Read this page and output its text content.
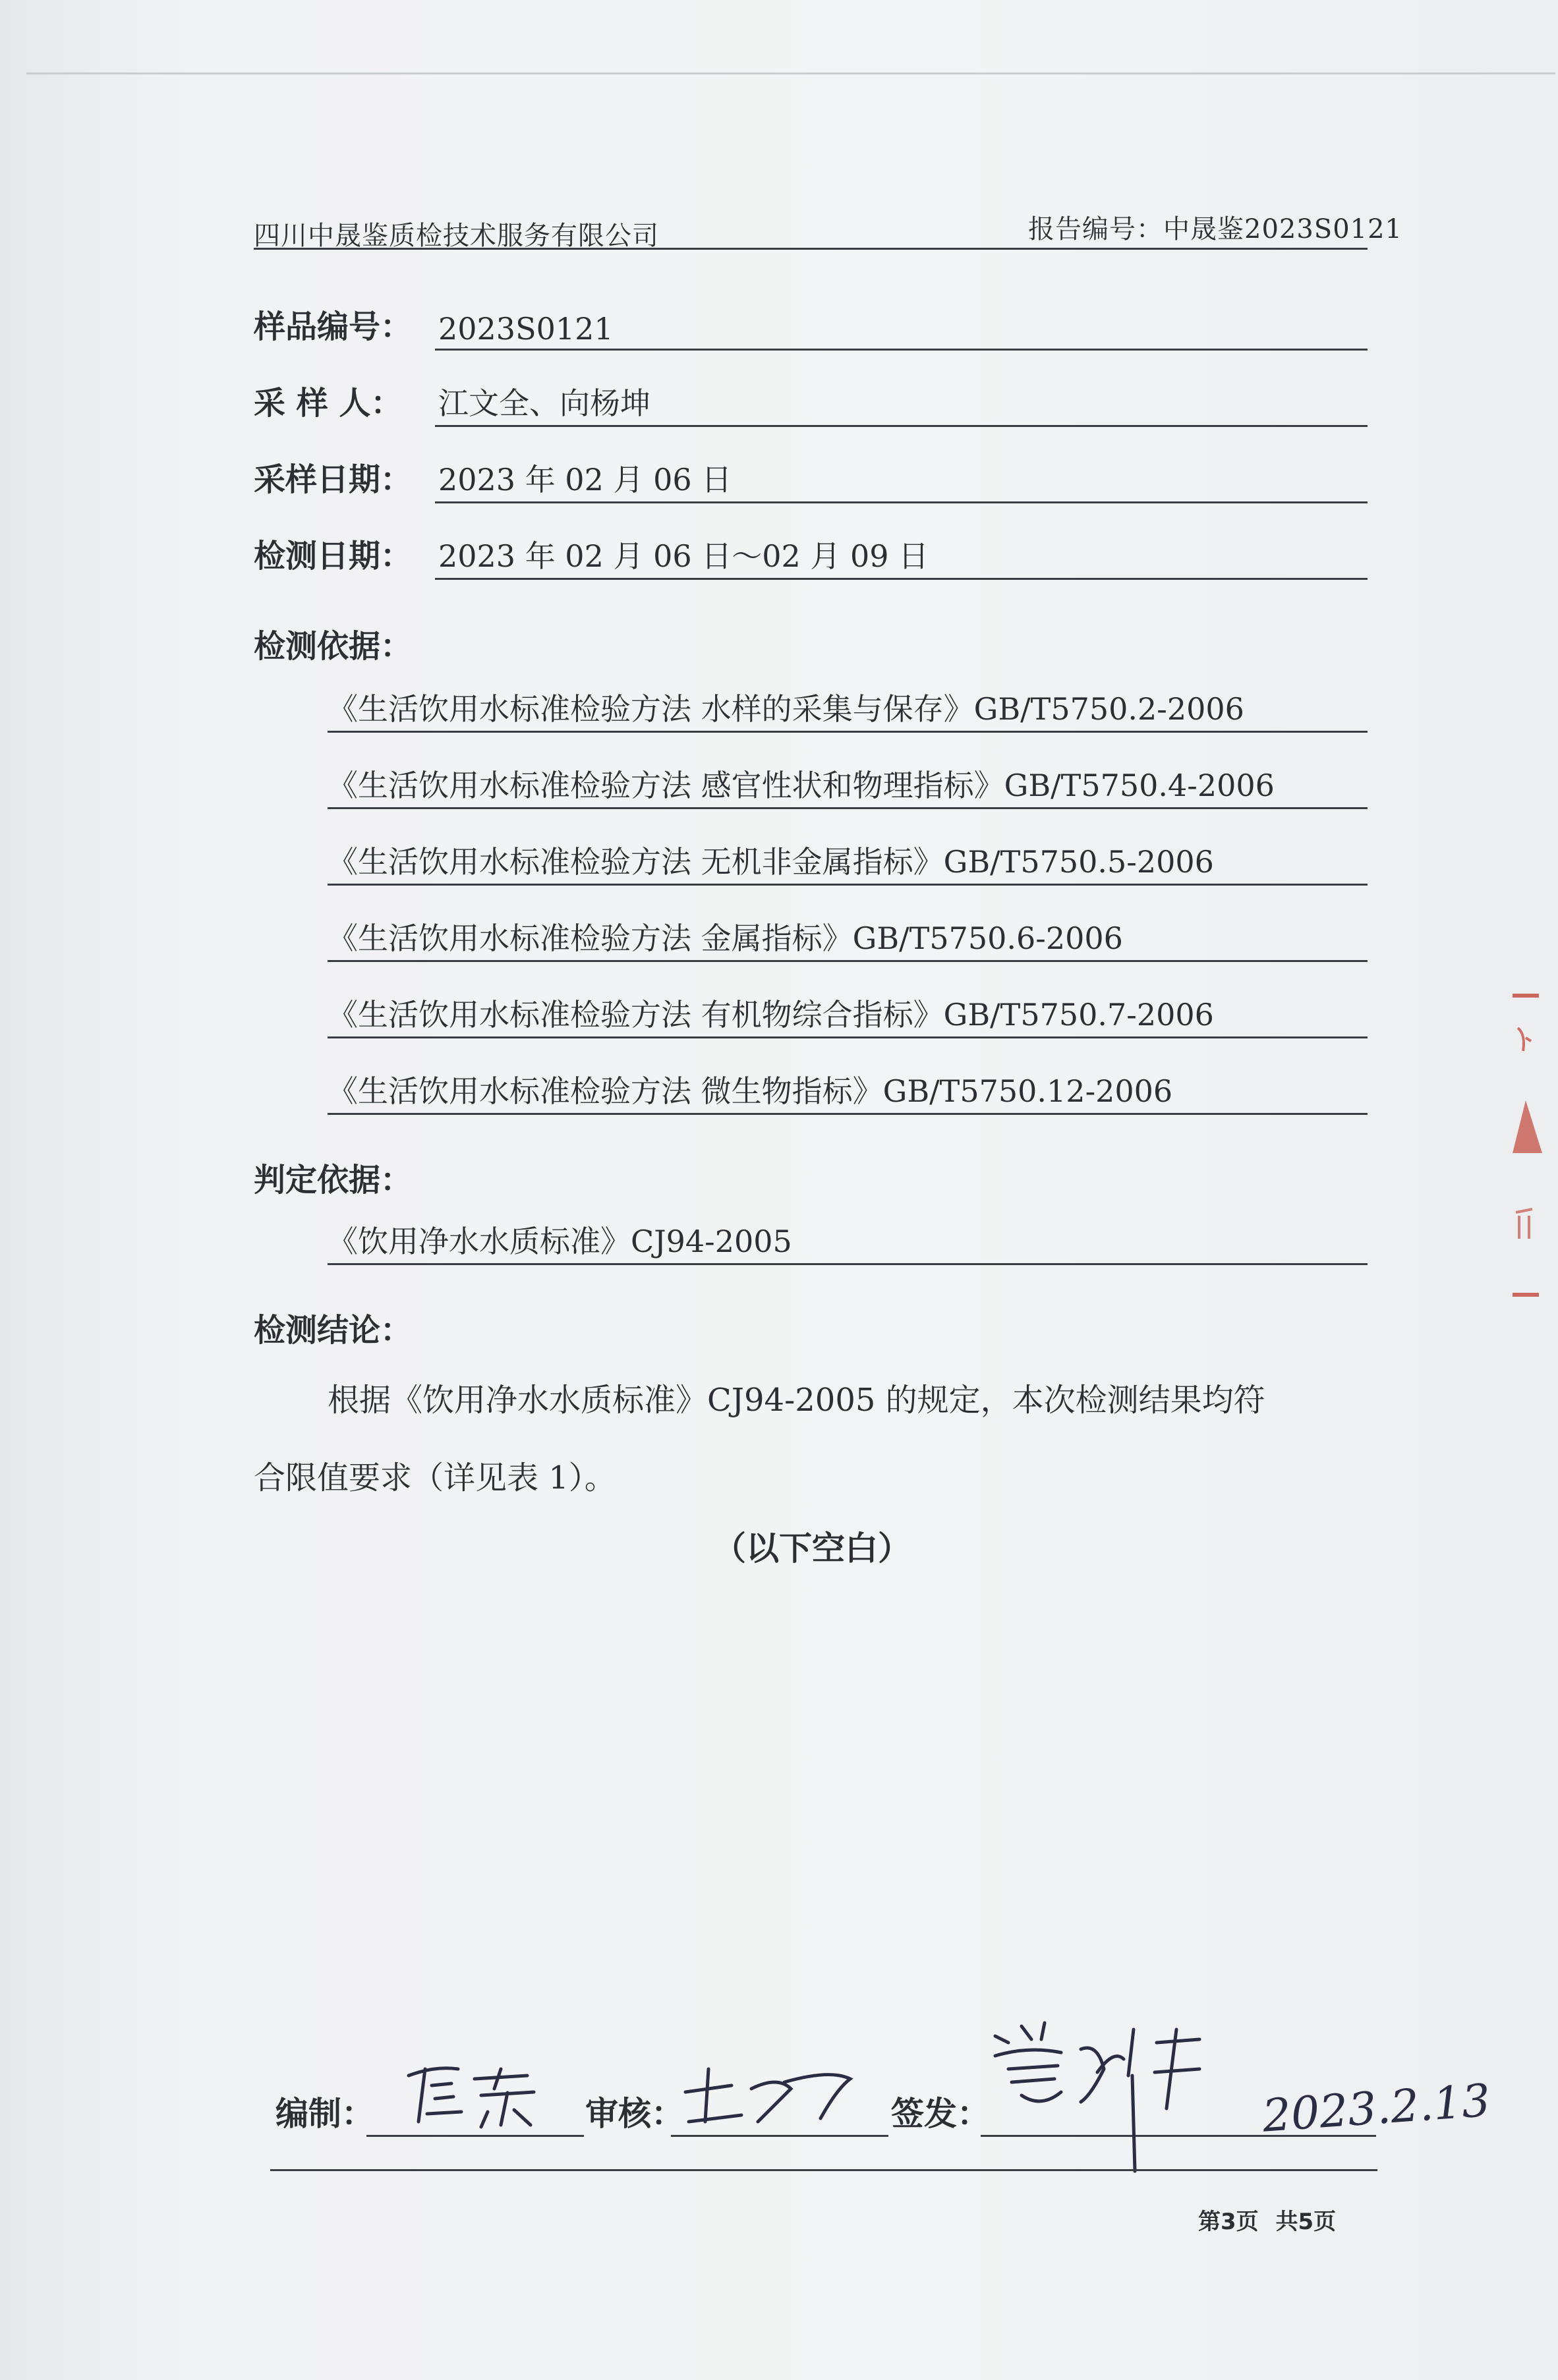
四川中晟鉴质检技术服务有限公司	报告编号：中晟鉴2023S0121
样品编号： 2023S0121
采 样 人： 江文全、向杨坤
采样日期： 2023 年 02 月 06 日
检测日期： 2023 年 02 月 06 日～02 月 09 日
检测依据：
《生活饮用水标准检验方法 水样的采集与保存》GB/T5750.2-2006
《生活饮用水标准检验方法 感官性状和物理指标》GB/T5750.4-2006
《生活饮用水标准检验方法 无机非金属指标》GB/T5750.5-2006
《生活饮用水标准检验方法 金属指标》GB/T5750.6-2006
《生活饮用水标准检验方法 有机物综合指标》GB/T5750.7-2006
《生活饮用水标准检验方法 微生物指标》GB/T5750.12-2006
判定依据：
《饮用净水水质标准》CJ94-2005
检测结论：
根据《饮用净水水质标准》CJ94-2005 的规定，本次检测结果均符
合限值要求（详见表 1）。
（以下空白）
编制：	审核：	签发：	2023.2.13
第3页 共5页
